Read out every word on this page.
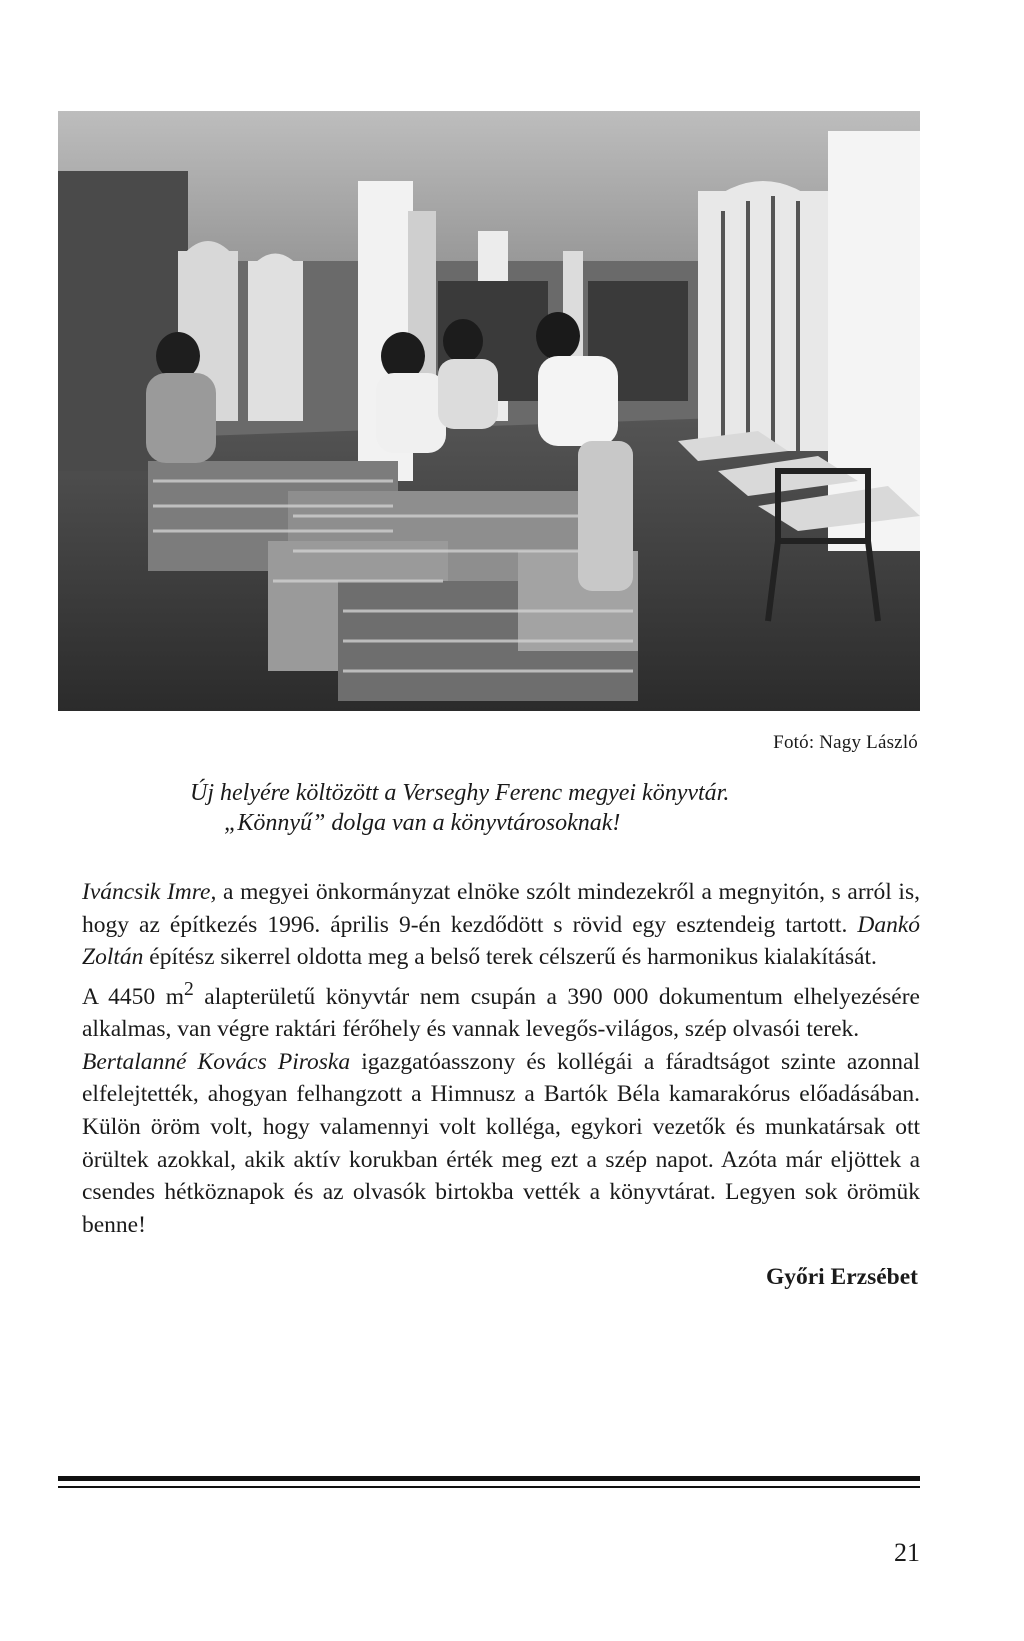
Fotó: Nagy László
Új helyére költözött a Verseghy Ferenc megyei könyvtár.
„Könnyű” dolga van a könyvtárosoknak!

Iváncsik Imre, a megyei önkormányzat elnöke szólt mindezekről a megnyitón, s arról is, hogy az építkezés 1996. április 9-én kezdődött s rövid egy esztendeig tartott. Dankó Zoltán építész sikerrel oldotta meg a belső terek célszerű és harmonikus kialakítását.

A 4450 $m^2$ alapterületű könyvtár nem csupán a 390 000 dokumentum elhelyezésére alkalmas, van végre raktári férőhely és vannak levegős-világos, szép olvasói terek.

Bertalanné Kovács Piroska igazgatóasszony és kollégái a fáradtságot szinte azonnal elfelejtették, ahogyan felhangzott a Himnusz a Bartók Béla kamarakórus előadásában. Külön öröm volt, hogy valamennyi volt kolléga, egykori vezetők és munkatársak ott örültek azokkal, akik aktív korukban érték meg ezt a szép napot. Azóta már eljöttek a csendes hétköznapok és az olvasók birtokba vették a könyvtárat. Legyen sok örömük benne!

Győri Erzsébet
21
